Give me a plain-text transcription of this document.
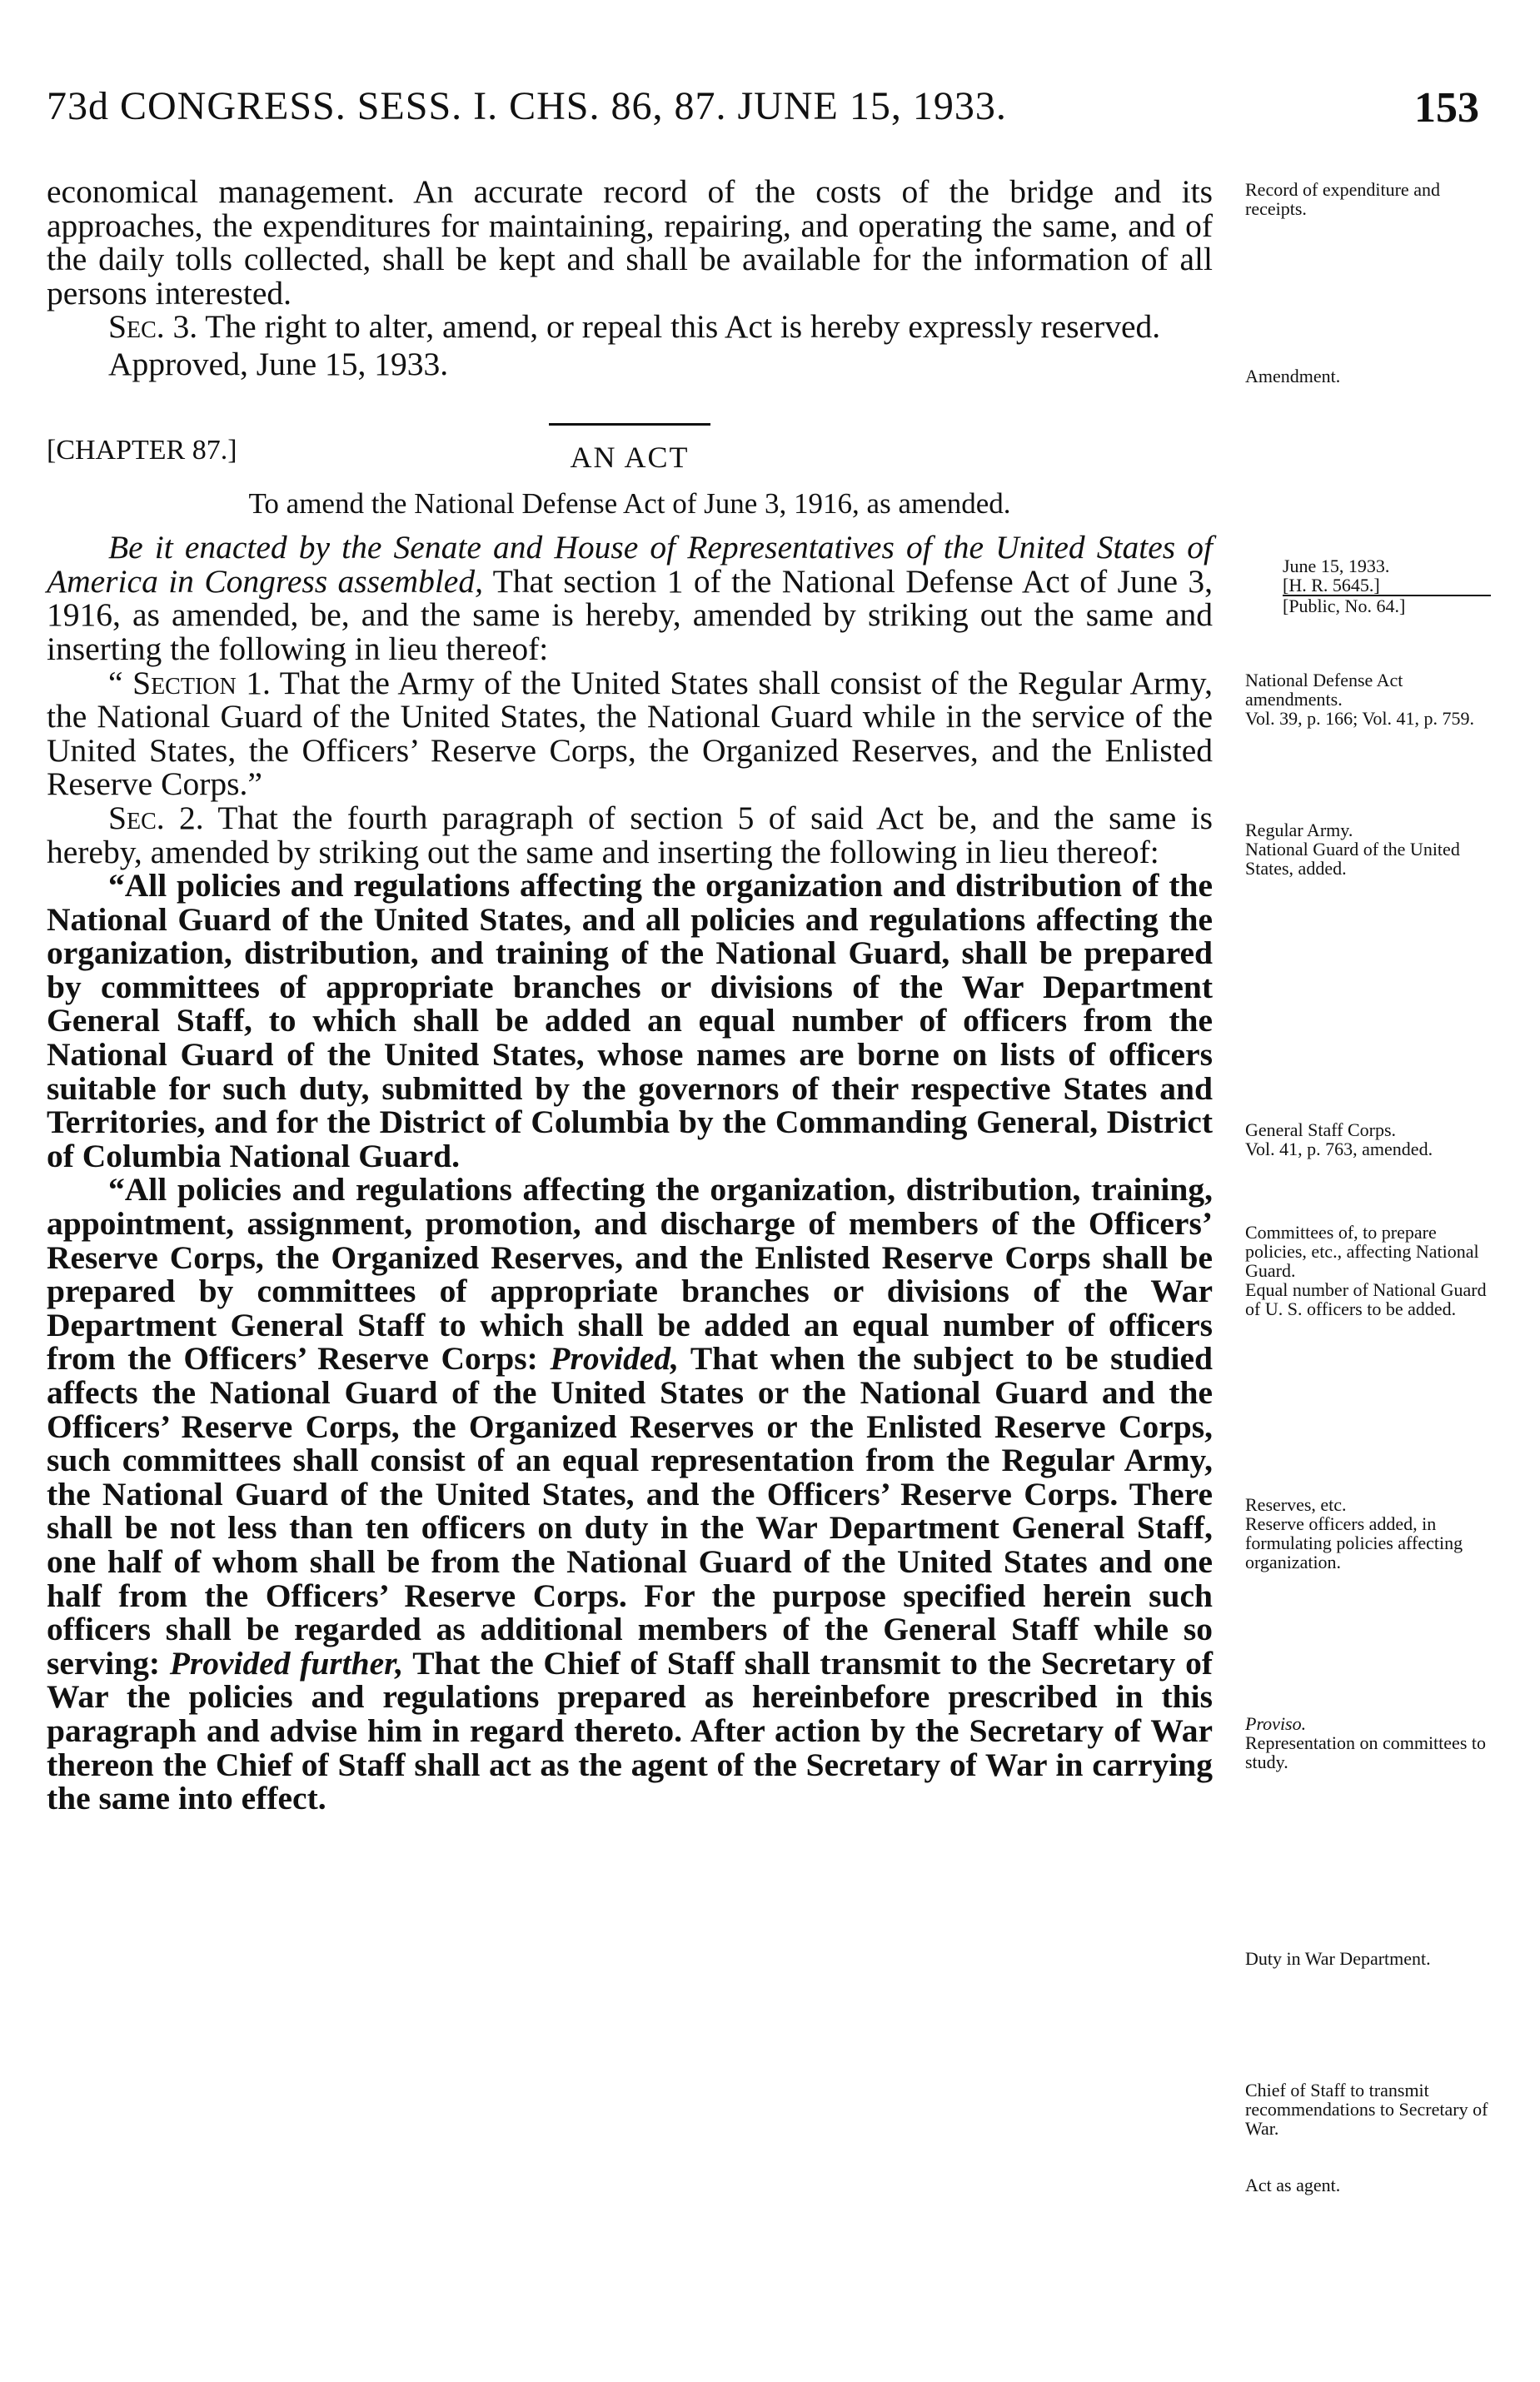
73d CONGRESS. SESS. I. CHS. 86, 87. JUNE 15, 1933.	153

economical management. An accurate record of the costs of the bridge and its approaches, the expenditures for maintaining, repairing, and operating the same, and of the daily tolls collected, shall be kept and shall be available for the information of all persons interested.

Sec. 3. The right to alter, amend, or repeal this Act is hereby expressly reserved.

Approved, June 15, 1933.

[CHAPTER 87.]	AN ACT

To amend the National Defense Act of June 3, 1916, as amended.

Be it enacted by the Senate and House of Representatives of the United States of America in Congress assembled, That section 1 of the National Defense Act of June 3, 1916, as amended, be, and the same is hereby, amended by striking out the same and inserting the following in lieu thereof:

“ Section 1. That the Army of the United States shall consist of the Regular Army, the National Guard of the United States, the National Guard while in the service of the United States, the Officers’ Reserve Corps, the Organized Reserves, and the Enlisted Reserve Corps.”

Sec. 2. That the fourth paragraph of section 5 of said Act be, and the same is hereby, amended by striking out the same and inserting the following in lieu thereof:

“All policies and regulations affecting the organization and distribution of the National Guard of the United States, and all policies and regulations affecting the organization, distribution, and training of the National Guard, shall be prepared by committees of appropriate branches or divisions of the War Department General Staff, to which shall be added an equal number of officers from the National Guard of the United States, whose names are borne on lists of officers suitable for such duty, submitted by the governors of their respective States and Territories, and for the District of Columbia by the Commanding General, District of Columbia National Guard.

“All policies and regulations affecting the organization, distribution, training, appointment, assignment, promotion, and discharge of members of the Officers’ Reserve Corps, the Organized Reserves, and the Enlisted Reserve Corps shall be prepared by committees of appropriate branches or divisions of the War Department General Staff to which shall be added an equal number of officers from the Officers’ Reserve Corps: Provided, That when the subject to be studied affects the National Guard of the United States or the National Guard and the Officers’ Reserve Corps, the Organized Reserves or the Enlisted Reserve Corps, such committees shall consist of an equal representation from the Regular Army, the National Guard of the United States, and the Officers’ Reserve Corps. There shall be not less than ten officers on duty in the War Department General Staff, one half of whom shall be from the National Guard of the United States and one half from the Officers’ Reserve Corps. For the purpose specified herein such officers shall be regarded as additional members of the General Staff while so serving: Provided further, That the Chief of Staff shall transmit to the Secretary of War the policies and regulations prepared as hereinbefore prescribed in this paragraph and advise him in regard thereto. After action by the Secretary of War thereon the Chief of Staff shall act as the agent of the Secretary of War in carrying the same into effect.

Record of expenditure and receipts.
Amendment.
June 15, 1933.
[H. R. 5645.]
[Public, No. 64.]
National Defense Act amendments.
Vol. 39, p. 166; Vol. 41, p. 759.
Regular Army.
National Guard of the United States, added.
General Staff Corps.
Vol. 41, p. 763, amended.
Committees of, to prepare policies, etc., affecting National Guard.
Equal number of National Guard of U. S. officers to be added.
Reserves, etc.
Reserve officers added, in formulating policies affecting organization.
Proviso.
Representation on committees to study.
Duty in War Department.
Chief of Staff to transmit recommendations to Secretary of War.
Act as agent.
